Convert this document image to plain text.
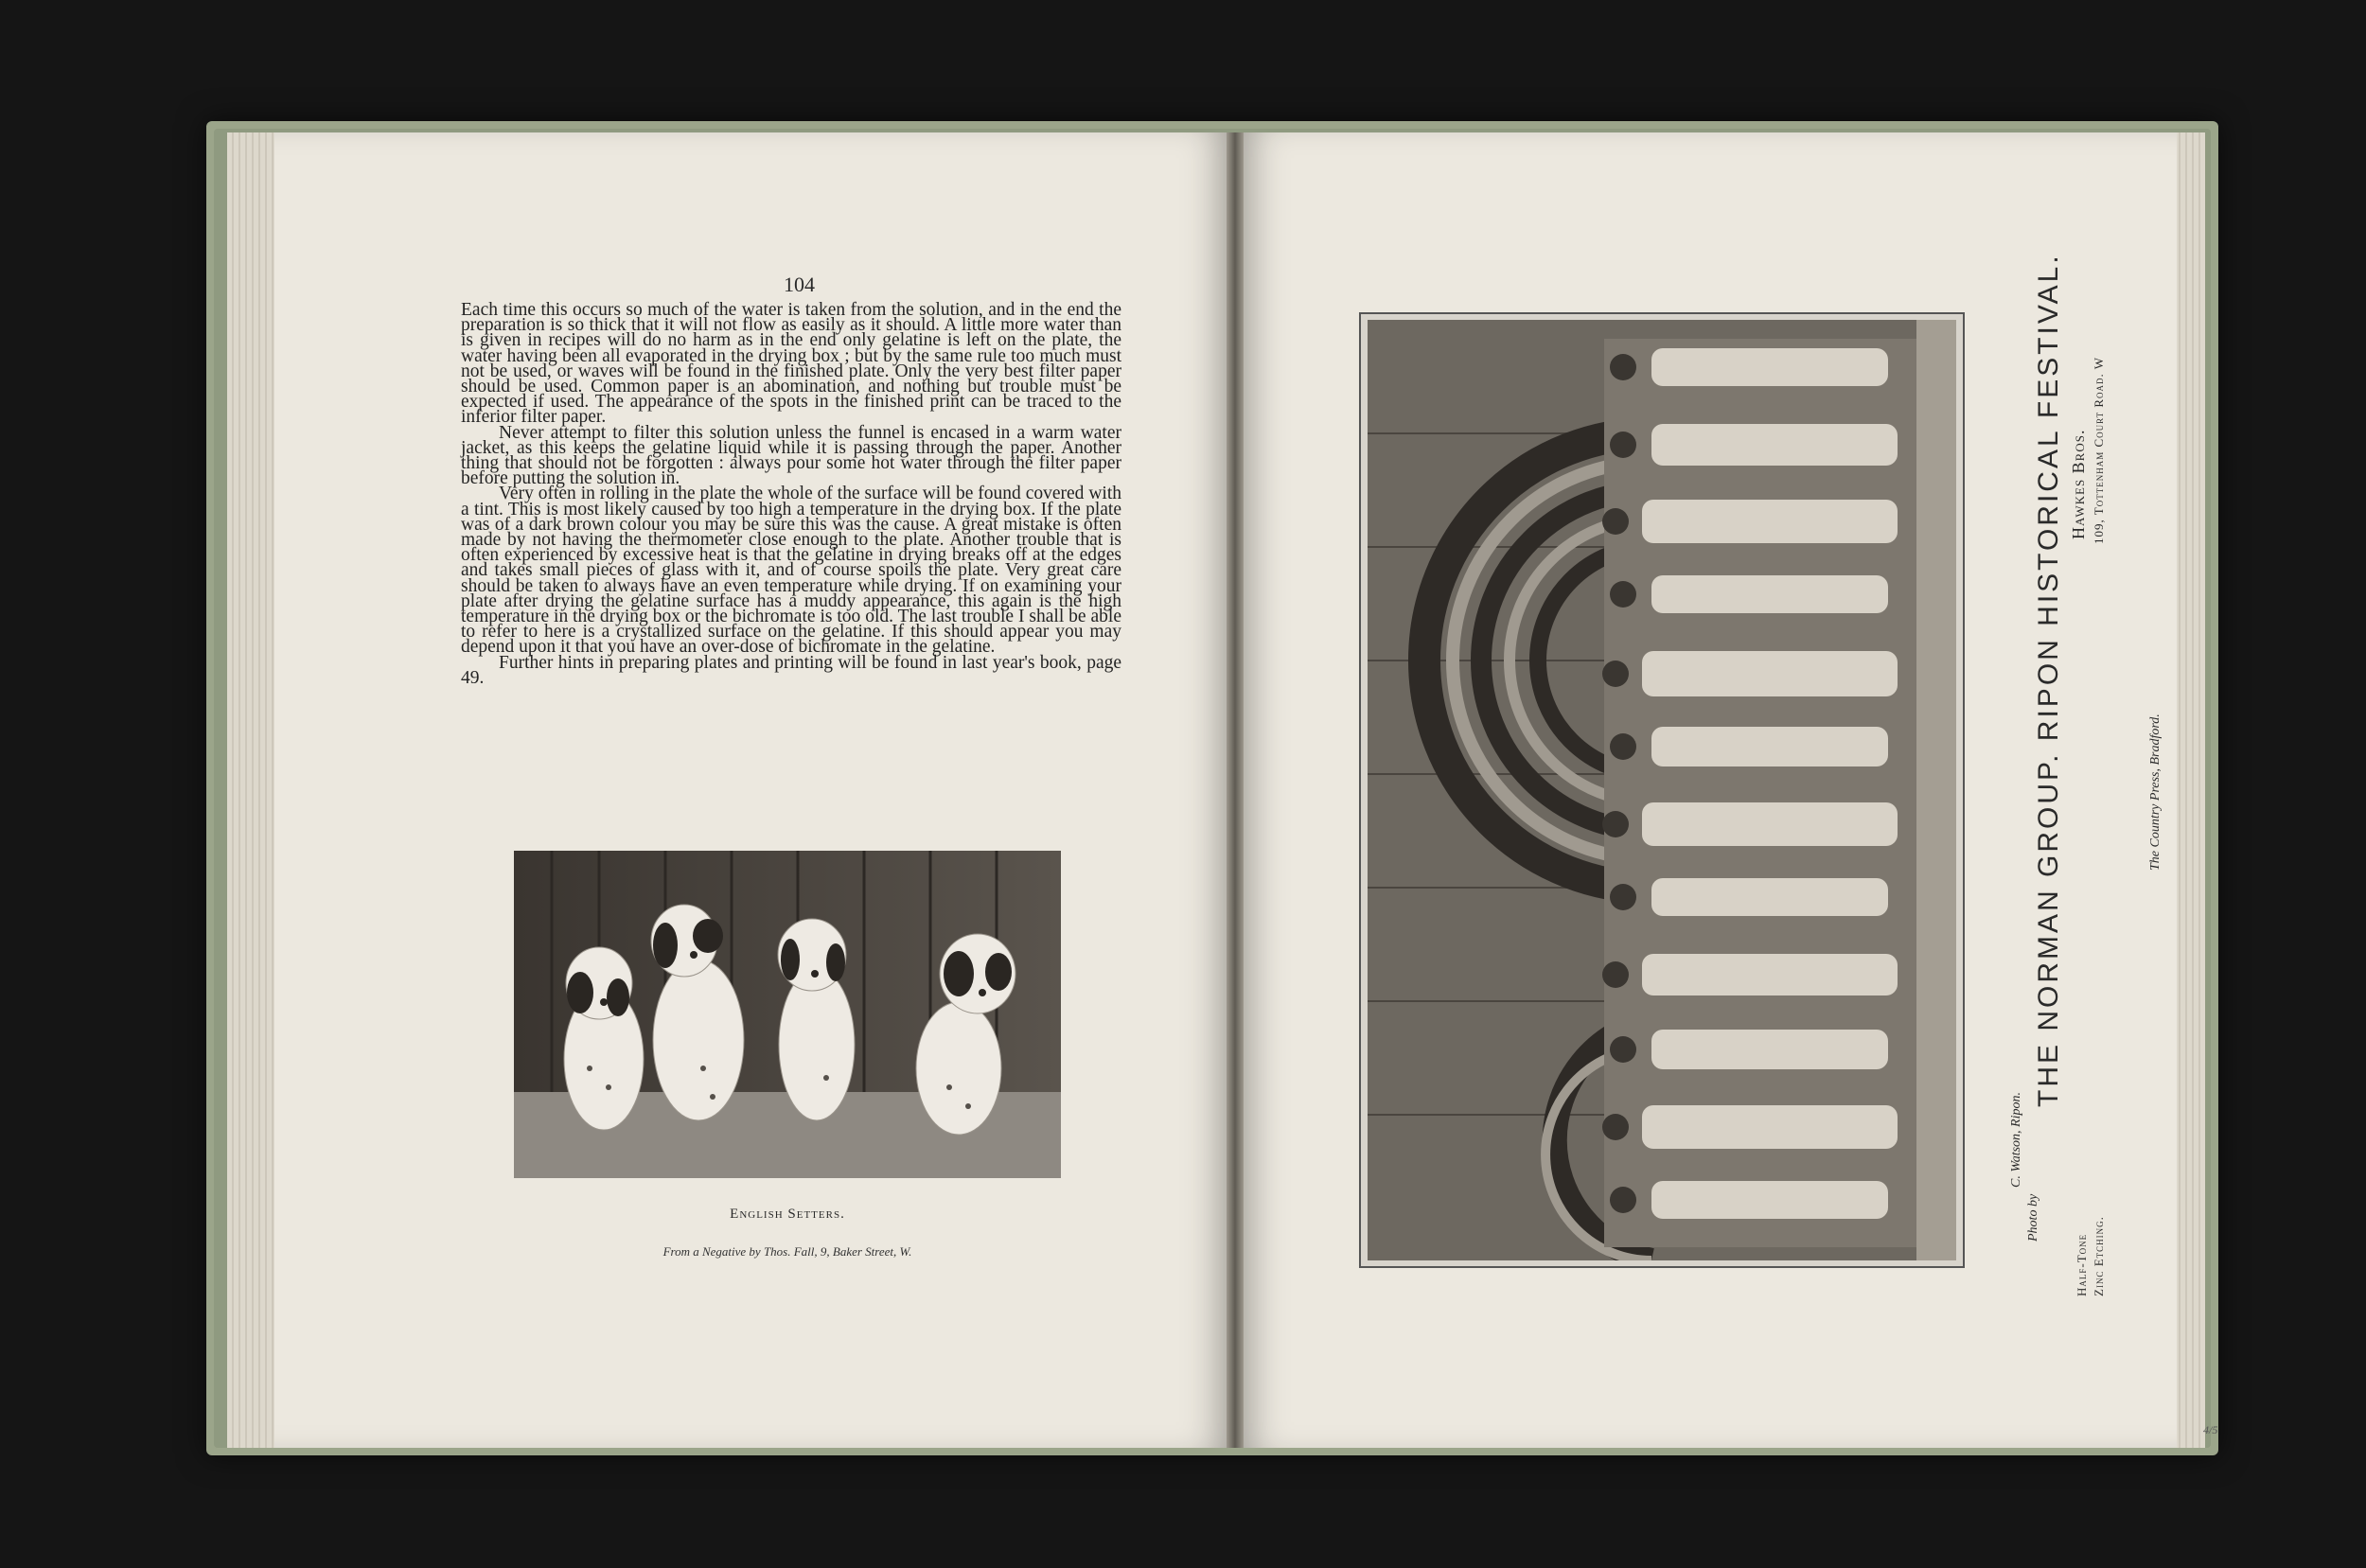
104

Each time this occurs so much of the water is taken from the solution, and in the end the preparation is so thick that it will not flow as easily as it should. A little more water than is given in recipes will do no harm as in the end only gelatine is left on the plate, the water having been all evaporated in the drying box ; but by the same rule too much must not be used, or waves will be found in the finished plate. Only the very best filter paper should be used. Common paper is an abomination, and nothing but trouble must be expected if used. The appearance of the spots in the finished print can be traced to the inferior filter paper.

Never attempt to filter this solution unless the funnel is encased in a warm water jacket, as this keeps the gelatine liquid while it is passing through the paper. Another thing that should not be forgotten : always pour some hot water through the filter paper before putting the solution in.

Very often in rolling in the plate the whole of the surface will be found covered with a tint. This is most likely caused by too high a temperature in the drying box. If the plate was of a dark brown colour you may be sure this was the cause. A great mistake is often made by not having the thermometer close enough to the plate. Another trouble that is often experienced by excessive heat is that the gelatine in drying breaks off at the edges and takes small pieces of glass with it, and of course spoils the plate. Very great care should be taken to always have an even temperature while drying. If on examining your plate after drying the gelatine surface has a muddy appearance, this again is the high temperature in the drying box or the bichromate is too old. The last trouble I shall be able to refer to here is a crystallized surface on the gelatine. If this should appear you may depend upon it that you have an over-dose of bichromate in the gelatine.

Further hints in preparing plates and printing will be found in last year's book, page 49.

English Setters.
From a Negative by Thos. Fall, 9, Baker Street, W.
THE NORMAN GROUP. RIPON HISTORICAL FESTIVAL.
Photo by
C. Watson, Ripon.
Hawkes Bros. 109, Tottenham Court Road. W
Half-Tone Zinc Etching.
The Country Press, Bradford.
4/5
